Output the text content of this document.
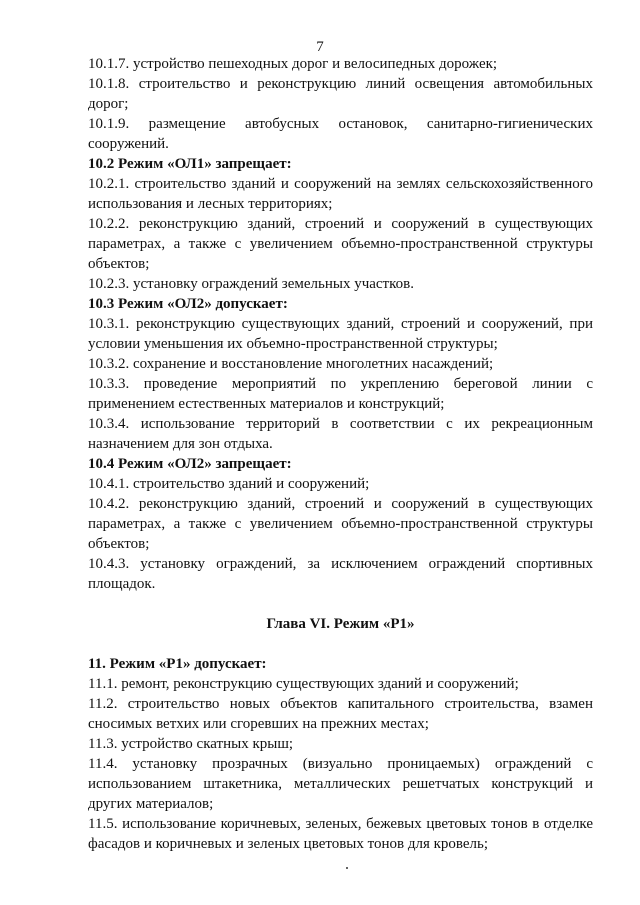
7

10.1.7. устройство пешеходных дорог и велосипедных дорожек;

10.1.8. строительство и реконструкцию линий освещения автомобильных дорог;

10.1.9. размещение автобусных остановок, санитарно-гигиенических сооружений.

10.2 Режим «ОЛ1» запрещает:

10.2.1. строительство зданий и сооружений на землях сельскохозяйственного использования и лесных территориях;

10.2.2. реконструкцию зданий, строений и сооружений в существующих параметрах, а также с увеличением объемно-пространственной структуры объектов;

10.2.3. установку ограждений земельных участков.

10.3 Режим «ОЛ2» допускает:

10.3.1. реконструкцию существующих зданий, строений и сооружений, при условии уменьшения их объемно-пространственной структуры;

10.3.2. сохранение и восстановление многолетних насаждений;

10.3.3. проведение мероприятий по укреплению береговой линии с применением естественных материалов и конструкций;

10.3.4. использование территорий в соответствии с их рекреационным назначением для зон отдыха.

10.4 Режим «ОЛ2» запрещает:

10.4.1. строительство зданий и сооружений;

10.4.2. реконструкцию зданий, строений и сооружений в существующих параметрах, а также с увеличением объемно-пространственной структуры объектов;

10.4.3. установку ограждений, за исключением ограждений спортивных площадок.

Глава VI. Режим «Р1»

11. Режим «Р1» допускает:

11.1. ремонт, реконструкцию существующих зданий и сооружений;

11.2. строительство новых объектов капитального строительства, взамен сносимых ветхих или сгоревших на прежних местах;

11.3. устройство скатных крыш;

11.4. установку прозрачных (визуально проницаемых) ограждений с использованием штакетника, металлических решетчатых конструкций и других материалов;

11.5. использование коричневых, зеленых, бежевых цветовых тонов в отделке фасадов и коричневых и зеленых цветовых тонов для кровель;
